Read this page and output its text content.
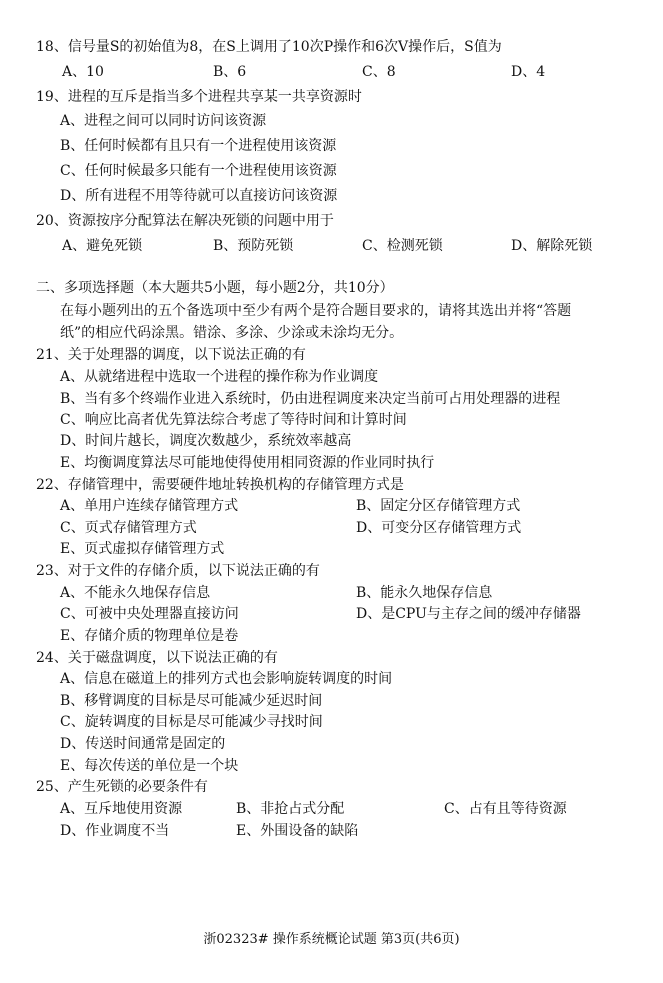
18、信号量S的初始值为8，在S上调用了10次P操作和6次V操作后，S值为
A、10	B、6	C、8	D、4
19、进程的互斥是指当多个进程共享某一共享资源时
A、进程之间可以同时访问该资源
B、任何时候都有且只有一个进程使用该资源
C、任何时候最多只能有一个进程使用该资源
D、所有进程不用等待就可以直接访问该资源
20、资源按序分配算法在解决死锁的问题中用于
A、避免死锁	B、预防死锁	C、检测死锁	D、解除死锁
二、多项选择题（本大题共5小题，每小题2分，共10分）
在每小题列出的五个备选项中至少有两个是符合题目要求的，请将其选出并将“答题
纸”的相应代码涂黑。错涂、多涂、少涂或未涂均无分。
21、关于处理器的调度，以下说法正确的有
A、从就绪进程中选取一个进程的操作称为作业调度
B、当有多个终端作业进入系统时，仍由进程调度来决定当前可占用处理器的进程
C、响应比高者优先算法综合考虑了等待时间和计算时间
D、时间片越长，调度次数越少，系统效率越高
E、均衡调度算法尽可能地使得使用相同资源的作业同时执行
22、存储管理中，需要硬件地址转换机构的存储管理方式是
A、单用户连续存储管理方式	B、固定分区存储管理方式
C、页式存储管理方式	D、可变分区存储管理方式
E、页式虚拟存储管理方式
23、对于文件的存储介质，以下说法正确的有
A、不能永久地保存信息	B、能永久地保存信息
C、可被中央处理器直接访问	D、是CPU与主存之间的缓冲存储器
E、存储介质的物理单位是卷
24、关于磁盘调度，以下说法正确的有
A、信息在磁道上的排列方式也会影响旋转调度的时间
B、移臂调度的目标是尽可能减少延迟时间
C、旋转调度的目标是尽可能减少寻找时间
D、传送时间通常是固定的
E、每次传送的单位是一个块
25、产生死锁的必要条件有
A、互斥地使用资源	B、非抢占式分配	C、占有且等待资源
D、作业调度不当	E、外围设备的缺陷
浙02323# 操作系统概论试题 第3页(共6页)
